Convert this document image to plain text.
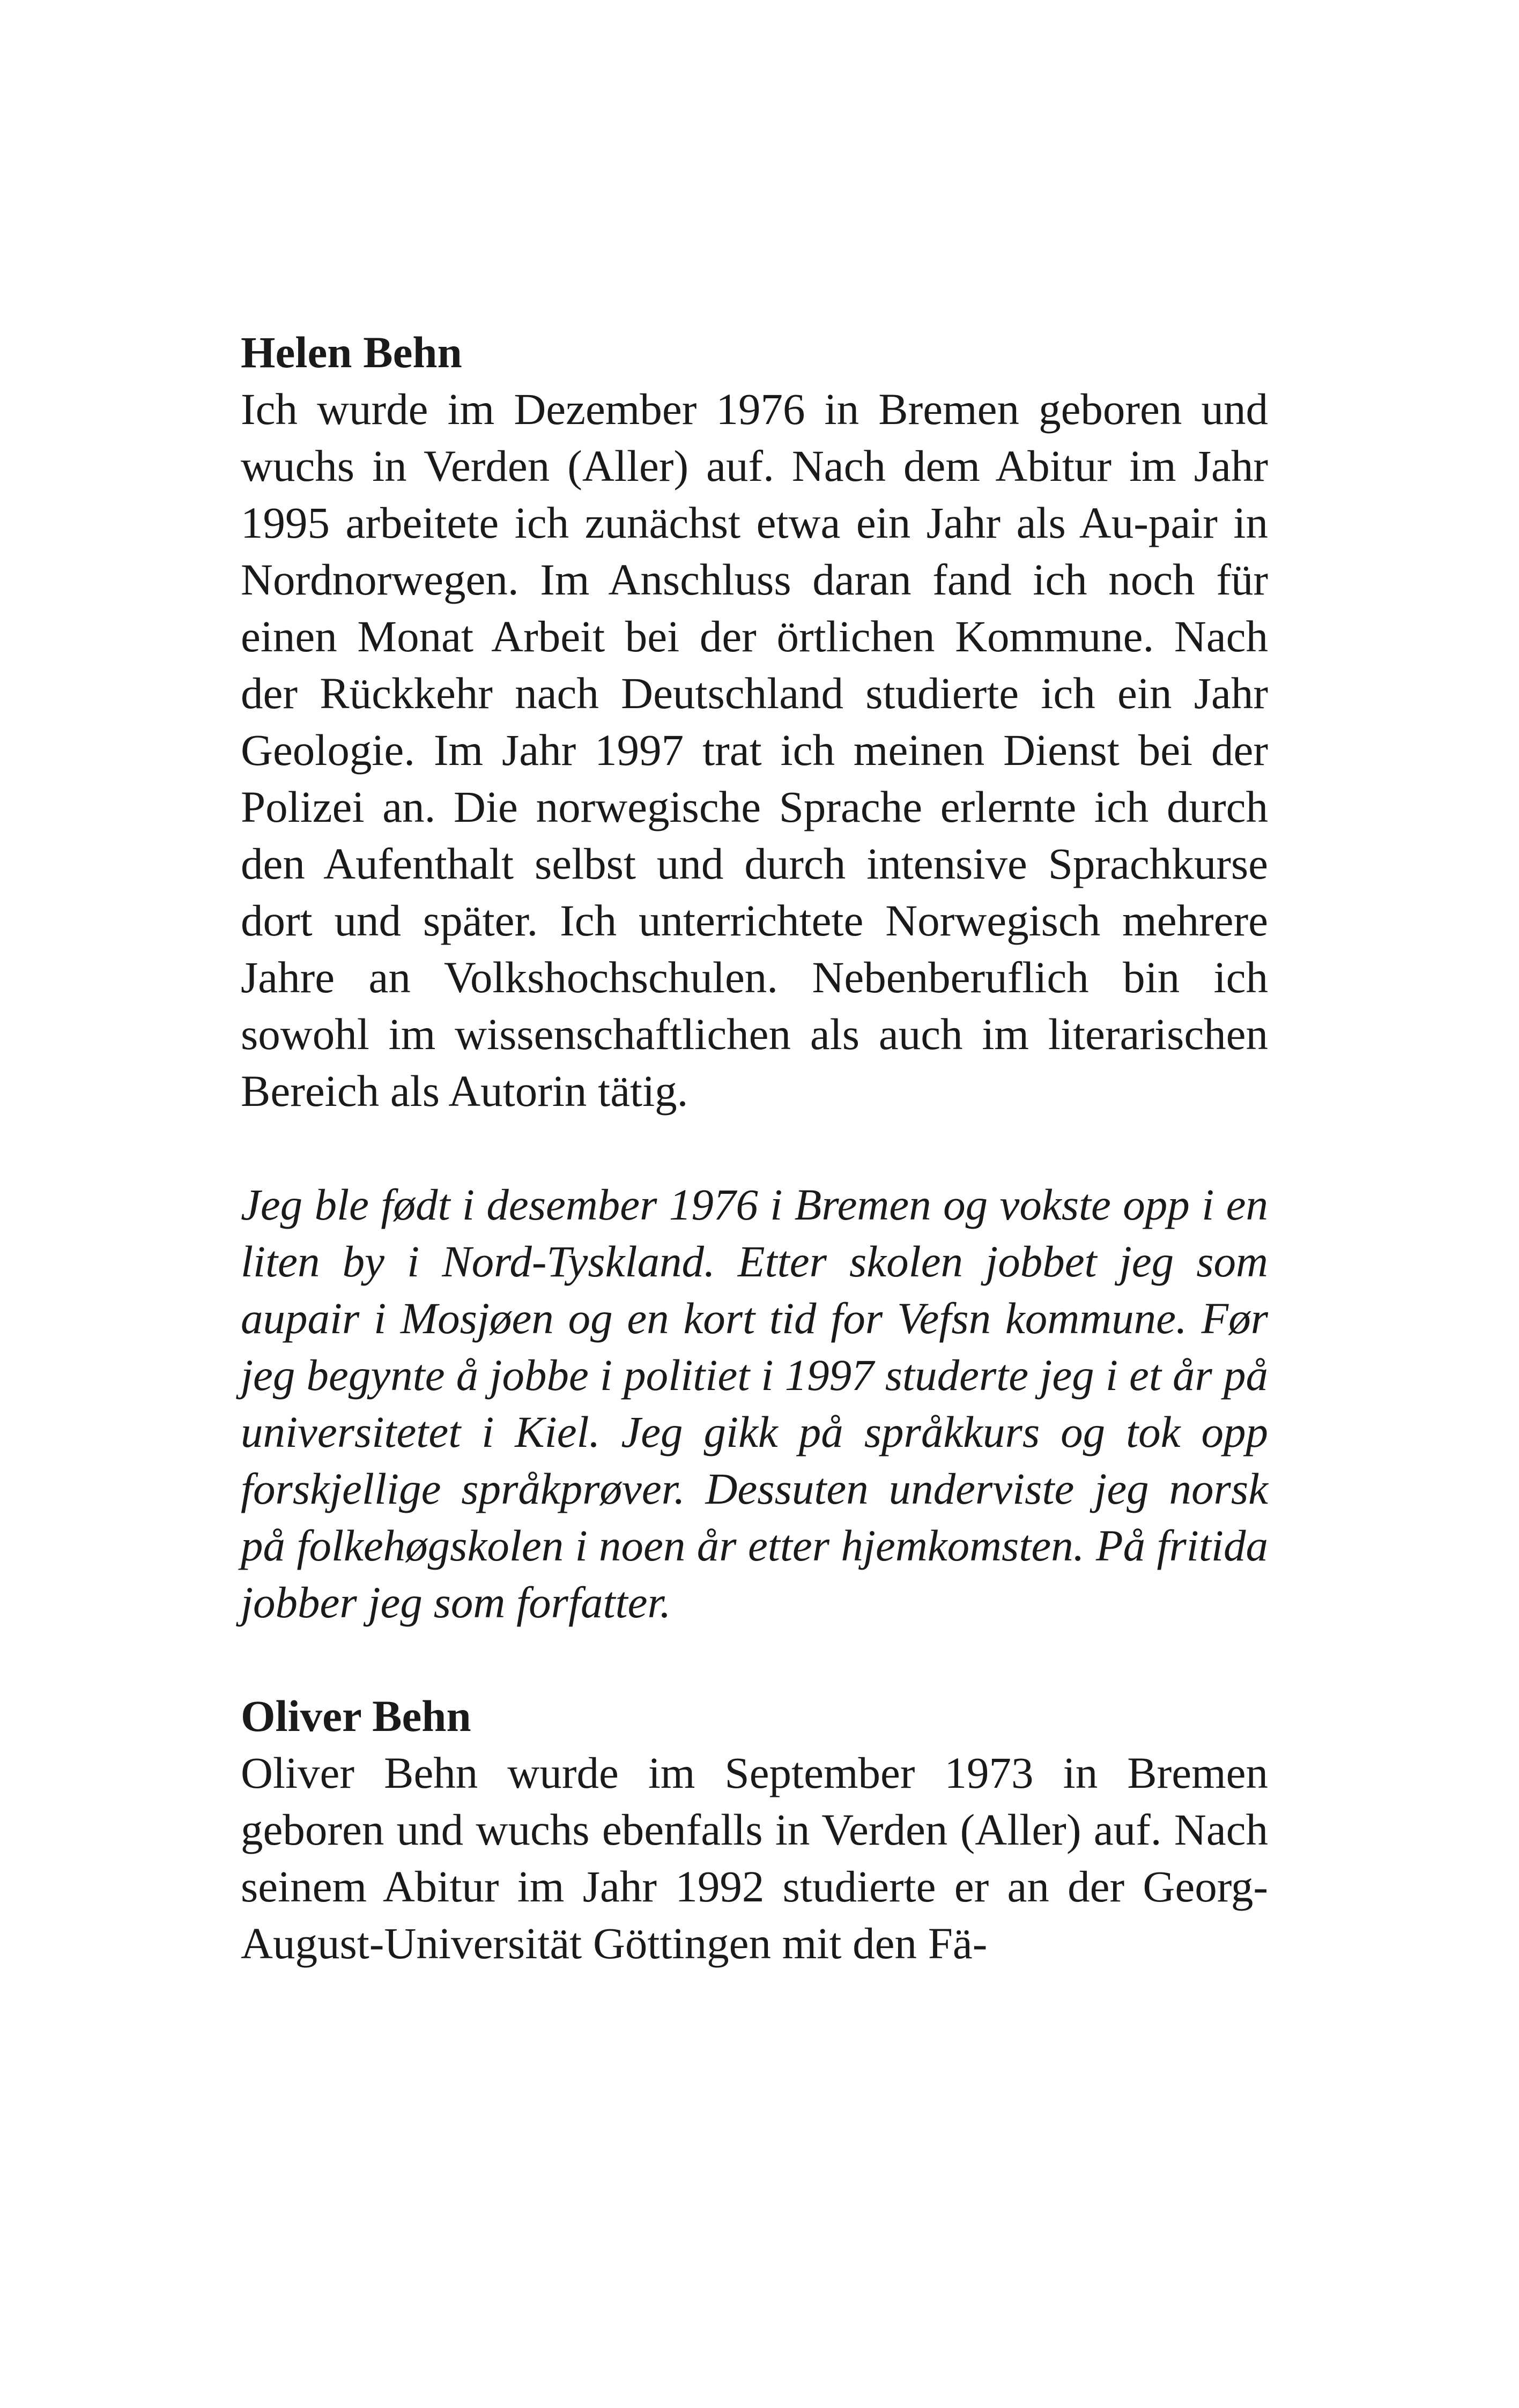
Helen Behn

Ich wurde im Dezember 1976 in Bremen geboren und wuchs in Verden (Aller) auf. Nach dem Abitur im Jahr 1995 arbeitete ich zunächst etwa ein Jahr als Au-pair in Nordnorwegen. Im Anschluss daran fand ich noch für einen Monat Arbeit bei der örtlichen Kommune. Nach der Rückkehr nach Deutschland studierte ich ein Jahr Geologie. Im Jahr 1997 trat ich meinen Dienst bei der Polizei an. Die norwegische Sprache erlernte ich durch den Aufenthalt selbst und durch intensive Sprachkurse dort und später. Ich unterrichtete Norwegisch mehrere Jahre an Volkshochschulen. Nebenberuflich bin ich sowohl im wissenschaftlichen als auch im literarischen Bereich als Autorin tätig.

Jeg ble født i desember 1976 i Bremen og vokste opp i en liten by i Nord-Tyskland. Etter skolen jobbet jeg som aupair i Mosjøen og en kort tid for Vefsn kommune. Før jeg begynte å jobbe i politiet i 1997 studerte jeg i et år på universitetet i Kiel. Jeg gikk på språkkurs og tok opp forskjellige språkprøver. Dessuten underviste jeg norsk på folkehøgskolen i noen år etter hjemkomsten. På fritida jobber jeg som forfatter.

Oliver Behn

Oliver Behn wurde im September 1973 in Bremen geboren und wuchs ebenfalls in Verden (Aller) auf. Nach seinem Abitur im Jahr 1992 studierte er an der Georg-August-Universität Göttingen mit den Fä-
